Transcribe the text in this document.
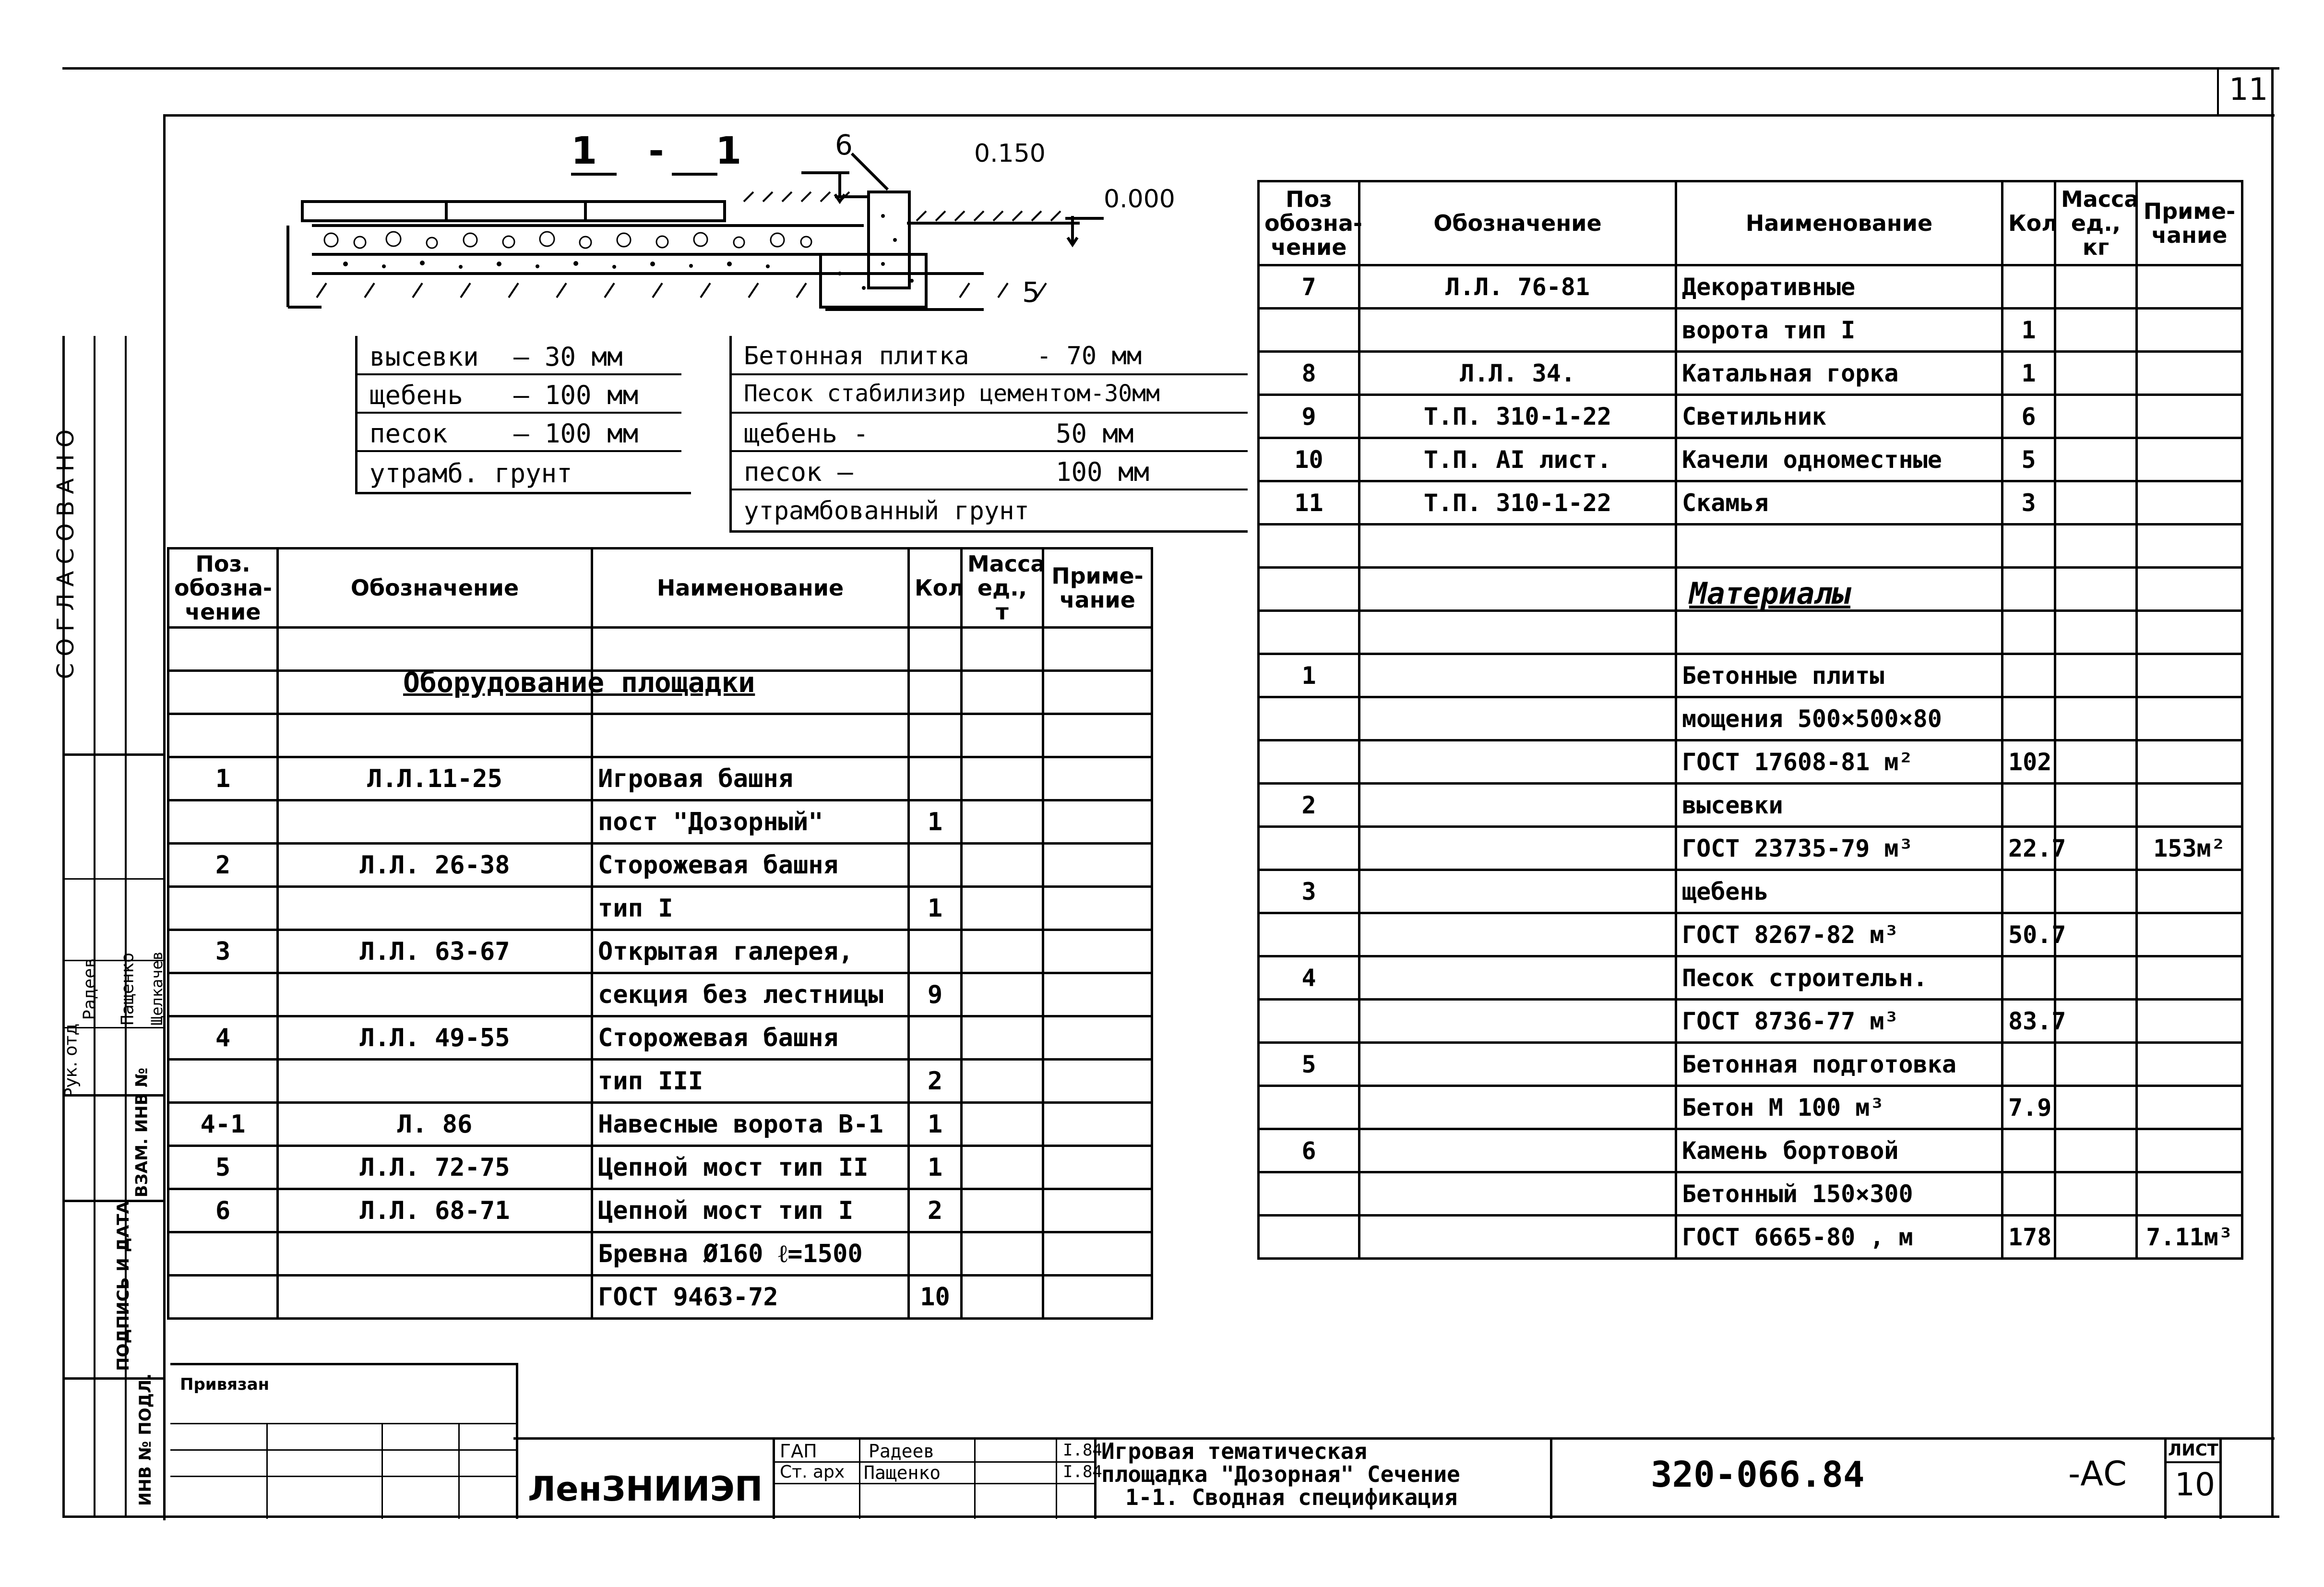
11
СОГЛАСОВАНО
Рук. отд
Радеев Пащенко Щелкачев
ВЗАМ. ИНВ №
ПОДПИСЬ И ДАТА
ИНВ № ПОДЛ.
1 - 1	6
5
0.150
0.000
высевки — 30 мм
щебень — 100 мм
песок	— 100 мм
утрамб. грунт
Бетонная плитка	- 70 мм
Песок стабилизир цементом-30мм
щебень -	50 мм
песок —	100 мм
утрамбованный грунт
Поз. обозна-чение	Обозначение	Наименование	Кол	Масса ед., т	Приме-чание

1	Л.Л.11-25	Игровая башня			
		пост "Дозорный"	1		
2	Л.Л. 26-38	Сторожевая башня			
		тип I	1		
3	Л.Л. 63-67	Открытая галерея,			
		секция без лестницы	9		
4	Л.Л. 49-55	Сторожевая башня			
		тип III	2		
4-1	Л. 86	Навесные ворота В-1	1		
5	Л.Л. 72-75	Цепной мост тип II	1		
6	Л.Л. 68-71	Цепной мост тип I	2		
		Бревна Ø160 ℓ=1500			
		ГОСТ 9463-72	10		
Оборудование площадки
Поз обозна-чение	Обозначение	Наименование	Кол	Масса ед., кг	Приме-чание
7	Л.Л. 76-81	Декоративные			
		ворота тип I	1		
8	Л.Л. 34.	Катальная горка	1		
9	Т.П. 310-1-22	Светильник	6		
10	Т.П. AI лист.	Качели одноместные	5		
11	Т.П. 310-1-22	Скамья	3		

1		Бетонные плиты			
		мощения 500×500×80			
		ГОСТ 17608-81 м²	102		
2		высевки			
		ГОСТ 23735-79 м³	22.7		153м²
3		щебень			
		ГОСТ 8267-82 м³	50.7		
4		Песок строительн.			
		ГОСТ 8736-77 м³	83.7		
5		Бетонная подготовка			
		Бетон М 100 м³	7.9		
6		Камень бортовой			
		Бетонный 150×300			
		ГОСТ 6665-80 , м	178		7.11м³
Материалы
Привязан
ЛенЗНИИЭП
ГАП	Радеев	I.84
Ст. арх Пащенко	I.84
Игровая тематическая
площадка "Дозорная" Сечение
1-1. Сводная спецификация
320-066.84	-АС
ЛИСТ
10
